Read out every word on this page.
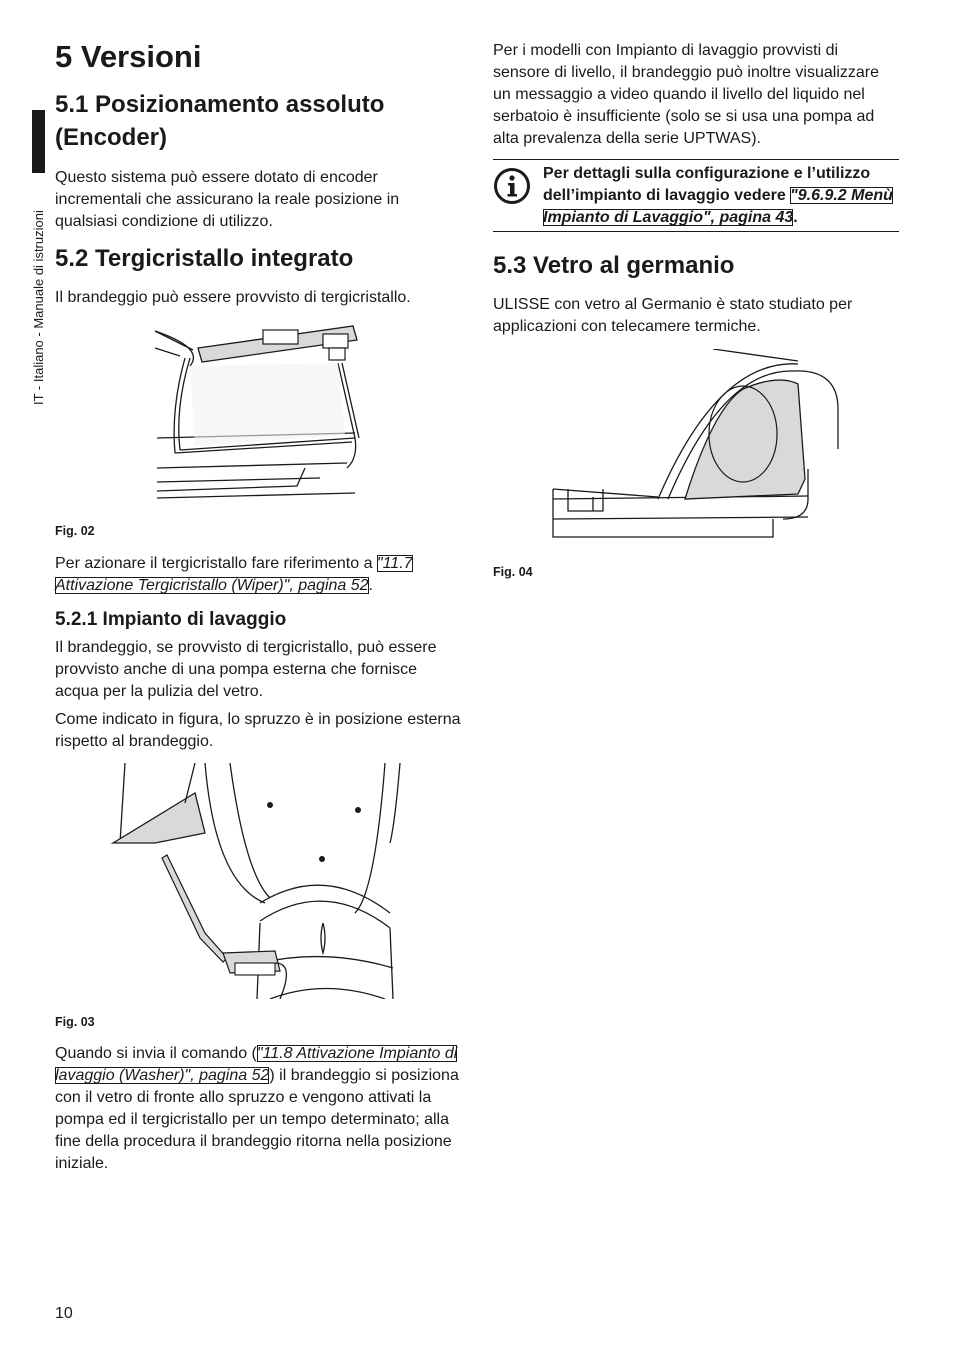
IT - Italiano - Manuale di istruzioni
5 Versioni
5.1 Posizionamento assoluto (Encoder)

Questo sistema può essere dotato di encoder incrementali che assicurano la reale posizione in qualsiasi condizione di utilizzo.

5.2 Tergicristallo integrato

Il brandeggio può essere provvisto di tergicristallo.

Fig. 02

Per azionare il tergicristallo fare riferimento a "11.7 Attivazione Tergicristallo (Wiper)", pagina 52.

5.2.1 Impianto di lavaggio

Il brandeggio, se provvisto di tergicristallo, può essere provvisto anche di una pompa esterna che fornisce acqua per la pulizia del vetro.

Come indicato in figura, lo spruzzo è in posizione esterna rispetto al brandeggio.

Fig. 03

Quando si invia il comando ("11.8 Attivazione Impianto di lavaggio (Washer)", pagina 52) il brandeggio si posiziona con il vetro di fronte allo spruzzo e vengono attivati la pompa ed il tergicristallo per un tempo determinato; alla fine della procedura il brandeggio ritorna nella posizione iniziale.

Per i modelli con Impianto di lavaggio provvisti di sensore di livello, il brandeggio può inoltre visualizzare un messaggio a video quando il livello del liquido nel serbatoio è insufficiente (solo se si usa una pompa ad alta prevalenza della serie UPTWAS).

Per dettagli sulla configurazione e l’utilizzo dell’impianto di lavaggio vedere "9.6.9.2 Menù Impianto di Lavaggio", pagina 43.
5.3 Vetro al germanio

ULISSE con vetro al Germanio è stato studiato per applicazioni con telecamere termiche.

Fig. 04

10
